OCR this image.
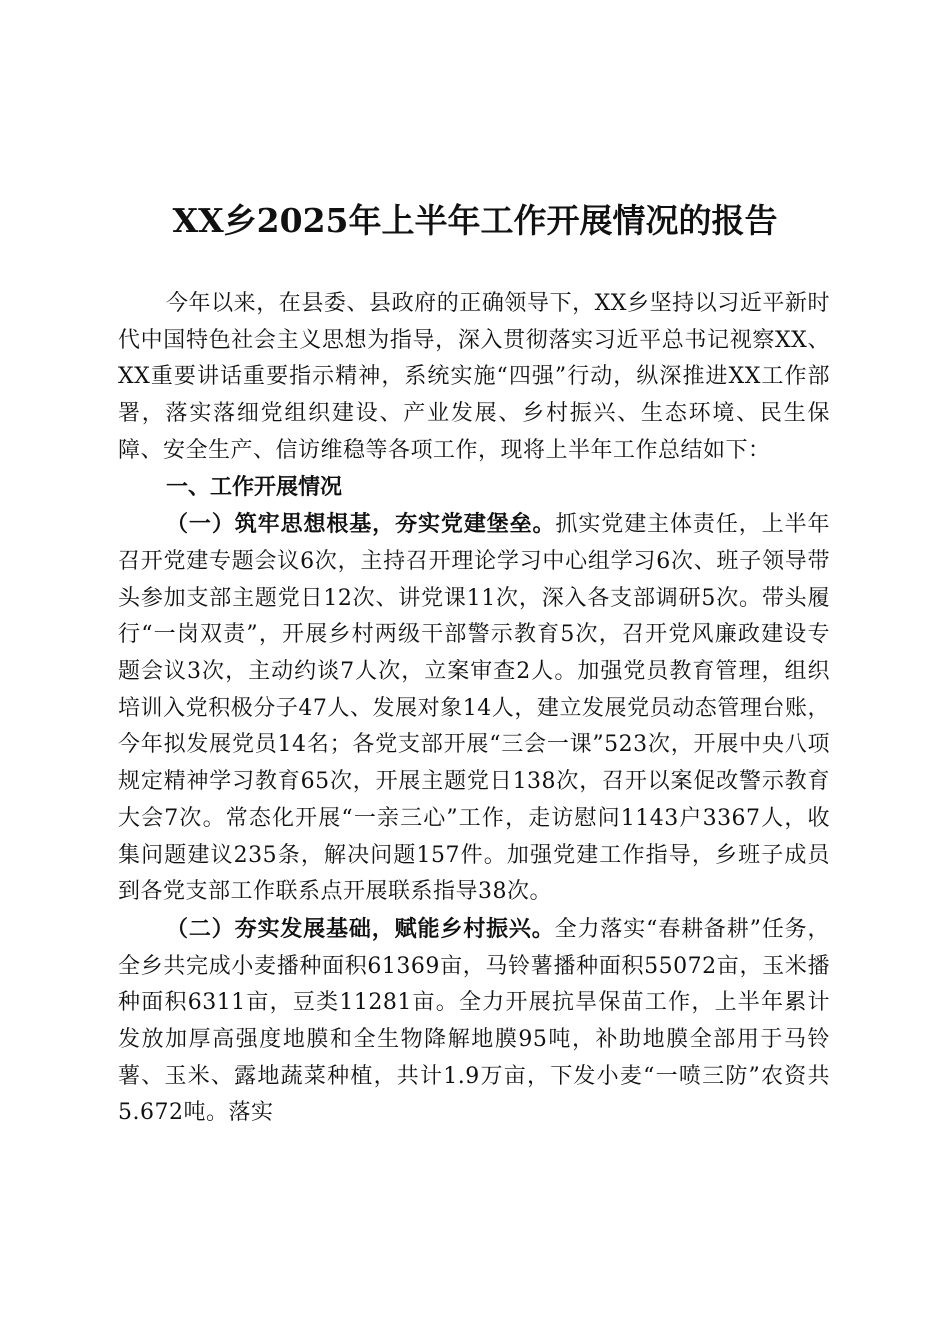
XX乡2025年上半年工作开展情况的报告

今年以来，在县委、县政府的正确领导下，XX乡坚持以习近平新时代中国特色社会主义思想为指导，深入贯彻落实习近平总书记视察XX、XX重要讲话重要指示精神，系统实施“四强”行动，纵深推进XX工作部署，落实落细党组织建设、产业发展、乡村振兴、生态环境、民生保障、安全生产、信访维稳等各项工作，现将上半年工作总结如下：

一、工作开展情况

（一）筑牢思想根基，夯实党建堡垒。抓实党建主体责任，上半年召开党建专题会议6次，主持召开理论学习中心组学习6次、班子领导带头参加支部主题党日12次、讲党课11次，深入各支部调研5次。带头履行“一岗双责”，开展乡村两级干部警示教育5次，召开党风廉政建设专题会议3次，主动约谈7人次，立案审查2人。加强党员教育管理，组织培训入党积极分子47人、发展对象14人，建立发展党员动态管理台账，今年拟发展党员14名；各党支部开展“三会一课”523次，开展中央八项规定精神学习教育65次，开展主题党日138次，召开以案促改警示教育大会7次。常态化开展“一亲三心”工作，走访慰问1143户3367人，收集问题建议235条，解决问题157件。加强党建工作指导，乡班子成员到各党支部工作联系点开展联系指导38次。

（二）夯实发展基础，赋能乡村振兴。全力落实“春耕备耕”任务，全乡共完成小麦播种面积61369亩，马铃薯播种面积55072亩，玉米播种面积6311亩，豆类11281亩。全力开展抗旱保苗工作，上半年累计发放加厚高强度地膜和全生物降解地膜95吨，补助地膜全部用于马铃薯、玉米、露地蔬菜种植，共计1.9万亩，下发小麦“一喷三防”农资共5.672吨。落实
